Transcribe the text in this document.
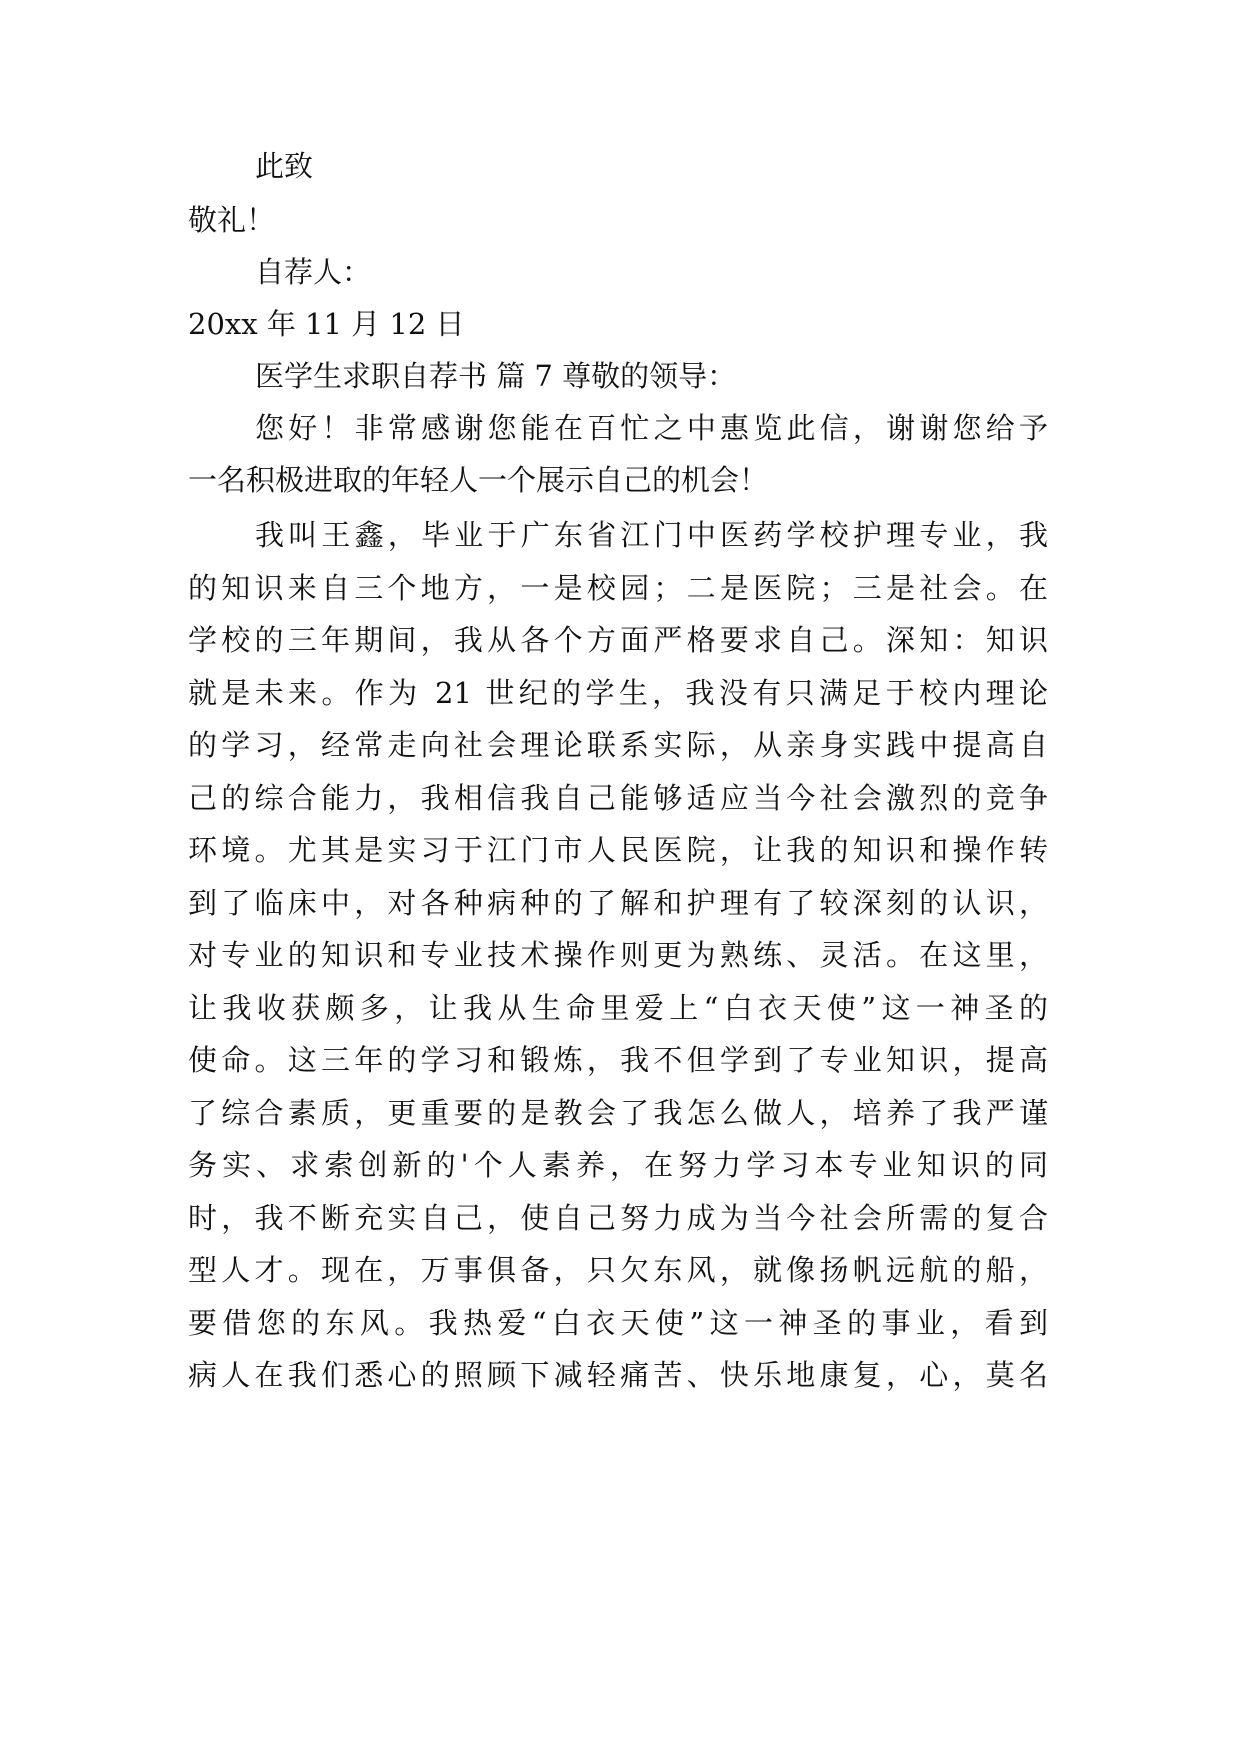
此致
敬礼！
自荐人：
20xx 年 11 月 12 日
医学生求职自荐书 篇 7 尊敬的领导：
您好！非常感谢您能在百忙之中惠览此信，谢谢您给予
一名积极进取的年轻人一个展示自己的机会！
我叫王鑫，毕业于广东省江门中医药学校护理专业，我
的知识来自三个地方，一是校园；二是医院；三是社会。在
学校的三年期间，我从各个方面严格要求自己。深知：知识
就是未来。作为 21 世纪的学生，我没有只满足于校内理论
的学习，经常走向社会理论联系实际，从亲身实践中提高自
己的综合能力，我相信我自己能够适应当今社会激烈的竞争
环境。尤其是实习于江门市人民医院，让我的知识和操作转
到了临床中，对各种病种的了解和护理有了较深刻的认识，
对专业的知识和专业技术操作则更为熟练、灵活。在这里，
让我收获颇多，让我从生命里爱上“白衣天使”这一神圣的
使命。这三年的学习和锻炼，我不但学到了专业知识，提高
了综合素质，更重要的是教会了我怎么做人，培养了我严谨
务实、求索创新的'个人素养，在努力学习本专业知识的同
时，我不断充实自己，使自己努力成为当今社会所需的复合
型人才。现在，万事俱备，只欠东风，就像扬帆远航的船，
要借您的东风。我热爱“白衣天使”这一神圣的事业，看到
病人在我们悉心的照顾下减轻痛苦、快乐地康复，心，莫名
